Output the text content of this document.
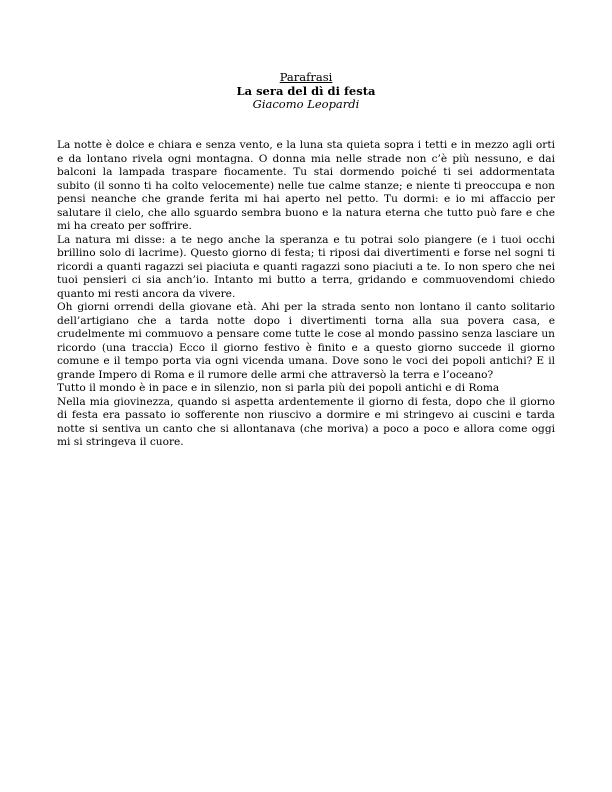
Parafrasi
La sera del dì di festa
Giacomo Leopardi

La notte è dolce e chiara e senza vento, e la luna sta quieta sopra i tetti e in mezzo agli orti e da lontano rivela ogni montagna. O donna mia nelle strade non c’è più nessuno, e dai balconi la lampada traspare fiocamente. Tu stai dormendo poiché ti sei addormentata subito (il sonno ti ha colto velocemente) nelle tue calme stanze; e niente ti preoccupa e non pensi neanche che grande ferita mi hai aperto nel petto. Tu dormi: e io mi affaccio per salutare il cielo, che allo sguardo sembra buono e la natura eterna che tutto può fare e che mi ha creato per soffrire.

La natura mi disse: a te nego anche la speranza e tu potrai solo piangere (e i tuoi occhi brillino solo di lacrime). Questo giorno di festa; ti riposi dai divertimenti e forse nel sogni ti ricordi a quanti ragazzi sei piaciuta e quanti ragazzi sono piaciuti a te. Io non spero che nei tuoi pensieri ci sia anch’io. Intanto mi butto a terra, gridando e commuovendomi chiedo quanto mi resti ancora da vivere.

Oh giorni orrendi della giovane età. Ahi per la strada sento non lontano il canto solitario dell’artigiano che a tarda notte dopo i divertimenti torna alla sua povera casa, e crudelmente mi commuovo a pensare come tutte le cose al mondo passino senza lasciare un ricordo (una traccia) Ecco il giorno festivo è finito e a questo giorno succede il giorno comune e il tempo porta via ogni vicenda umana. Dove sono le voci dei popoli antichi? E il grande Impero di Roma e il rumore delle armi che attraversò la terra e l’oceano?

Tutto il mondo è in pace e in silenzio, non si parla più dei popoli antichi e di Roma

Nella mia giovinezza, quando si aspetta ardentemente il giorno di festa, dopo che il giorno di festa era passato io sofferente non riuscivo a dormire e mi stringevo ai cuscini e tarda notte si sentiva un canto che si allontanava (che moriva) a poco a poco e allora come oggi mi si stringeva il cuore.
